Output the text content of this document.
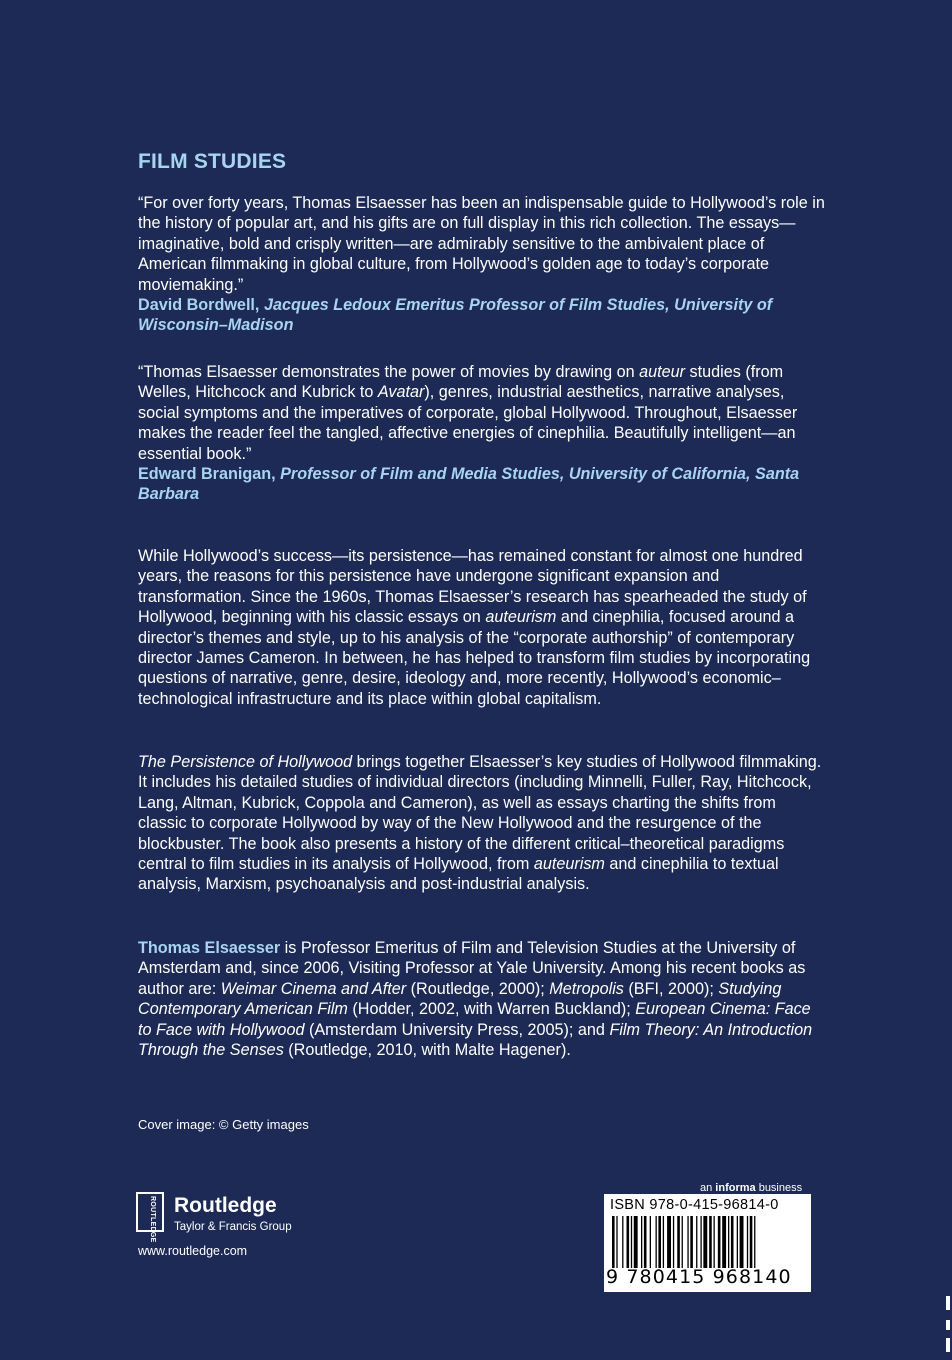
FILM STUDIES

“For over forty years, Thomas Elsaesser has been an indispensable guide to Hollywood’s role in the history of popular art, and his gifts are on full display in this rich collection. The essays—imaginative, bold and crisply written—are admirably sensitive to the ambivalent place of American filmmaking in global culture, from Hollywood’s golden age to today’s corporate moviemaking.”

David Bordwell, Jacques Ledoux Emeritus Professor of Film Studies, University of Wisconsin–Madison

“Thomas Elsaesser demonstrates the power of movies by drawing on auteur studies (from Welles, Hitchcock and Kubrick to Avatar), genres, industrial aesthetics, narrative analyses, social symptoms and the imperatives of corporate, global Hollywood. Throughout, Elsaesser makes the reader feel the tangled, affective energies of cinephilia. Beautifully intelligent—an essential book.”

Edward Branigan, Professor of Film and Media Studies, University of California, Santa Barbara

While Hollywood’s success—its persistence—has remained constant for almost one hundred years, the reasons for this persistence have undergone significant expansion and transformation. Since the 1960s, Thomas Elsaesser’s research has spearheaded the study of Hollywood, beginning with his classic essays on auteurism and cinephilia, focused around a director’s themes and style, up to his analysis of the “corporate authorship” of contemporary director James Cameron. In between, he has helped to transform film studies by incorporating questions of narrative, genre, desire, ideology and, more recently, Hollywood’s economic–technological infrastructure and its place within global capitalism.

The Persistence of Hollywood brings together Elsaesser’s key studies of Hollywood filmmaking. It includes his detailed studies of individual directors (including Minnelli, Fuller, Ray, Hitchcock, Lang, Altman, Kubrick, Coppola and Cameron), as well as essays charting the shifts from classic to corporate Hollywood by way of the New Hollywood and the resurgence of the blockbuster. The book also presents a history of the different critical–theoretical paradigms central to film studies in its analysis of Hollywood, from auteurism and cinephilia to textual analysis, Marxism, psychoanalysis and post-industrial analysis.

Thomas Elsaesser is Professor Emeritus of Film and Television Studies at the University of Amsterdam and, since 2006, Visiting Professor at Yale University. Among his recent books as author are: Weimar Cinema and After (Routledge, 2000); Metropolis (BFI, 2000); Studying Contemporary American Film (Hodder, 2002, with Warren Buckland); European Cinema: Face to Face with Hollywood (Amsterdam University Press, 2005); and Film Theory: An Introduction Through the Senses (Routledge, 2010, with Malte Hagener).

Cover image: © Getty images
ROUTLEDGE Routledge
Taylor & Francis Group
www.routledge.com
an informa business
ISBN 978-0-415-96814-0
9 780415 968140
